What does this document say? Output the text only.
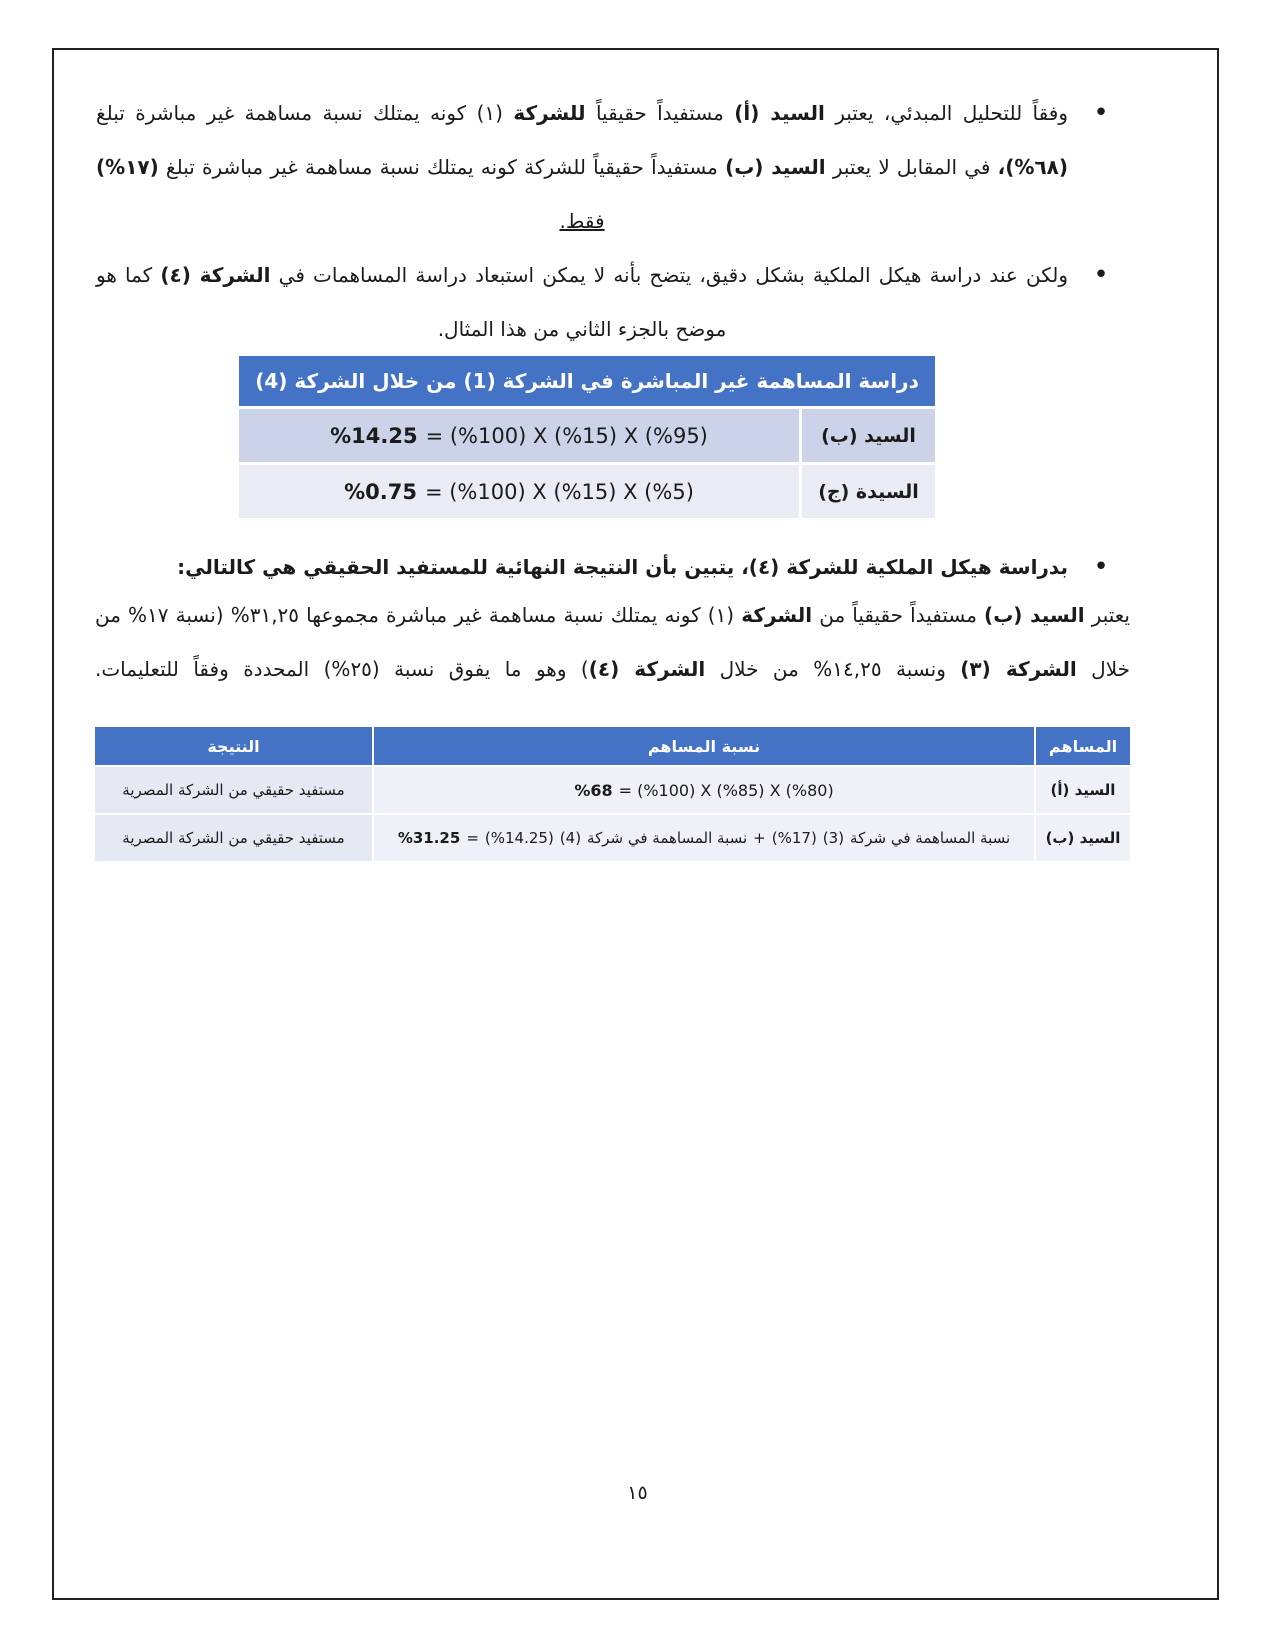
•
وفقاً للتحليل المبدئي، يعتبر السيد (أ) مستفيداً حقيقياً للشركة (١) كونه يمتلك نسبة مساهمة غير مباشرة تبلغ (٦٨%)، في المقابل لا يعتبر السيد (ب) مستفيداً حقيقياً للشركة كونه يمتلك نسبة مساهمة غير مباشرة تبلغ (١٧%) فقط.
•
ولكن عند دراسة هيكل الملكية بشكل دقيق، يتضح بأنه لا يمكن استبعاد دراسة المساهمات في الشركة (٤) كما هو موضح بالجزء الثاني من هذا المثال.
دراسة المساهمة غير المباشرة في الشركة (1) من خلال الشركة (4)
السيد (ب)
%14.25 = (%100) X (%15) X (%95)
السيدة (ج)
%0.75 = (%100) X (%15) X (%5)
•
بدراسة هيكل الملكية للشركة (٤)، يتبين بأن النتيجة النهائية للمستفيد الحقيقي هي كالتالي:
يعتبر السيد (ب) مستفيداً حقيقياً من الشركة (١) كونه يمتلك نسبة مساهمة غير مباشرة مجموعها ٣١,٢٥% (نسبة ١٧% من خلال الشركة (٣) ونسبة ١٤,٢٥% من خلال الشركة (٤)) وهو ما يفوق نسبة (٢٥%) المحددة وفقاً للتعليمات.
المساهم
نسبة المساهم
النتيجة
السيد (أ)
%68 = (%100) X (%85) X (%80)
مستفيد حقيقي من الشركة المصرية
السيد (ب)
نسبة المساهمة في شركة
(3)
(%17)
+
نسبة المساهمة في شركة
(4)
(%14.25)
=
%31.25
مستفيد حقيقي من الشركة المصرية
١٥
